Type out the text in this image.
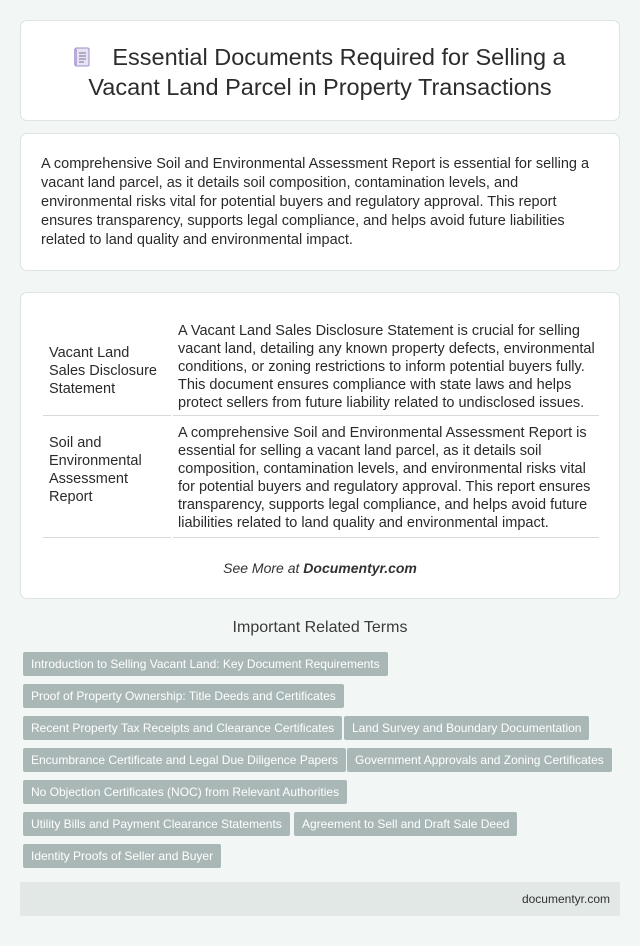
Essential Documents Required for Selling a Vacant Land Parcel in Property Transactions

A comprehensive Soil and Environmental Assessment Report is essential for selling a vacant land parcel, as it details soil composition, contamination levels, and environmental risks vital for potential buyers and regulatory approval. This report ensures transparency, supports legal compliance, and helps avoid future liabilities related to land quality and environmental impact.

Vacant Land Sales Disclosure Statement
A Vacant Land Sales Disclosure Statement is crucial for selling vacant land, detailing any known property defects, environmental conditions, or zoning restrictions to inform potential buyers fully. This document ensures compliance with state laws and helps protect sellers from future liability related to undisclosed issues.
Soil and Environmental Assessment Report
A comprehensive Soil and Environmental Assessment Report is essential for selling a vacant land parcel, as it details soil composition, contamination levels, and environmental risks vital for potential buyers and regulatory approval. This report ensures transparency, supports legal compliance, and helps avoid future liabilities related to land quality and environmental impact.
See More at Documentyr.com
Important Related Terms
Introduction to Selling Vacant Land: Key Document Requirements
Proof of Property Ownership: Title Deeds and Certificates
Recent Property Tax Receipts and Clearance Certificates	Land Survey and Boundary Documentation
Encumbrance Certificate and Legal Due Diligence Papers	Government Approvals and Zoning Certificates
No Objection Certificates (NOC) from Relevant Authorities
Utility Bills and Payment Clearance Statements	Agreement to Sell and Draft Sale Deed
Identity Proofs of Seller and Buyer
documentyr.com
